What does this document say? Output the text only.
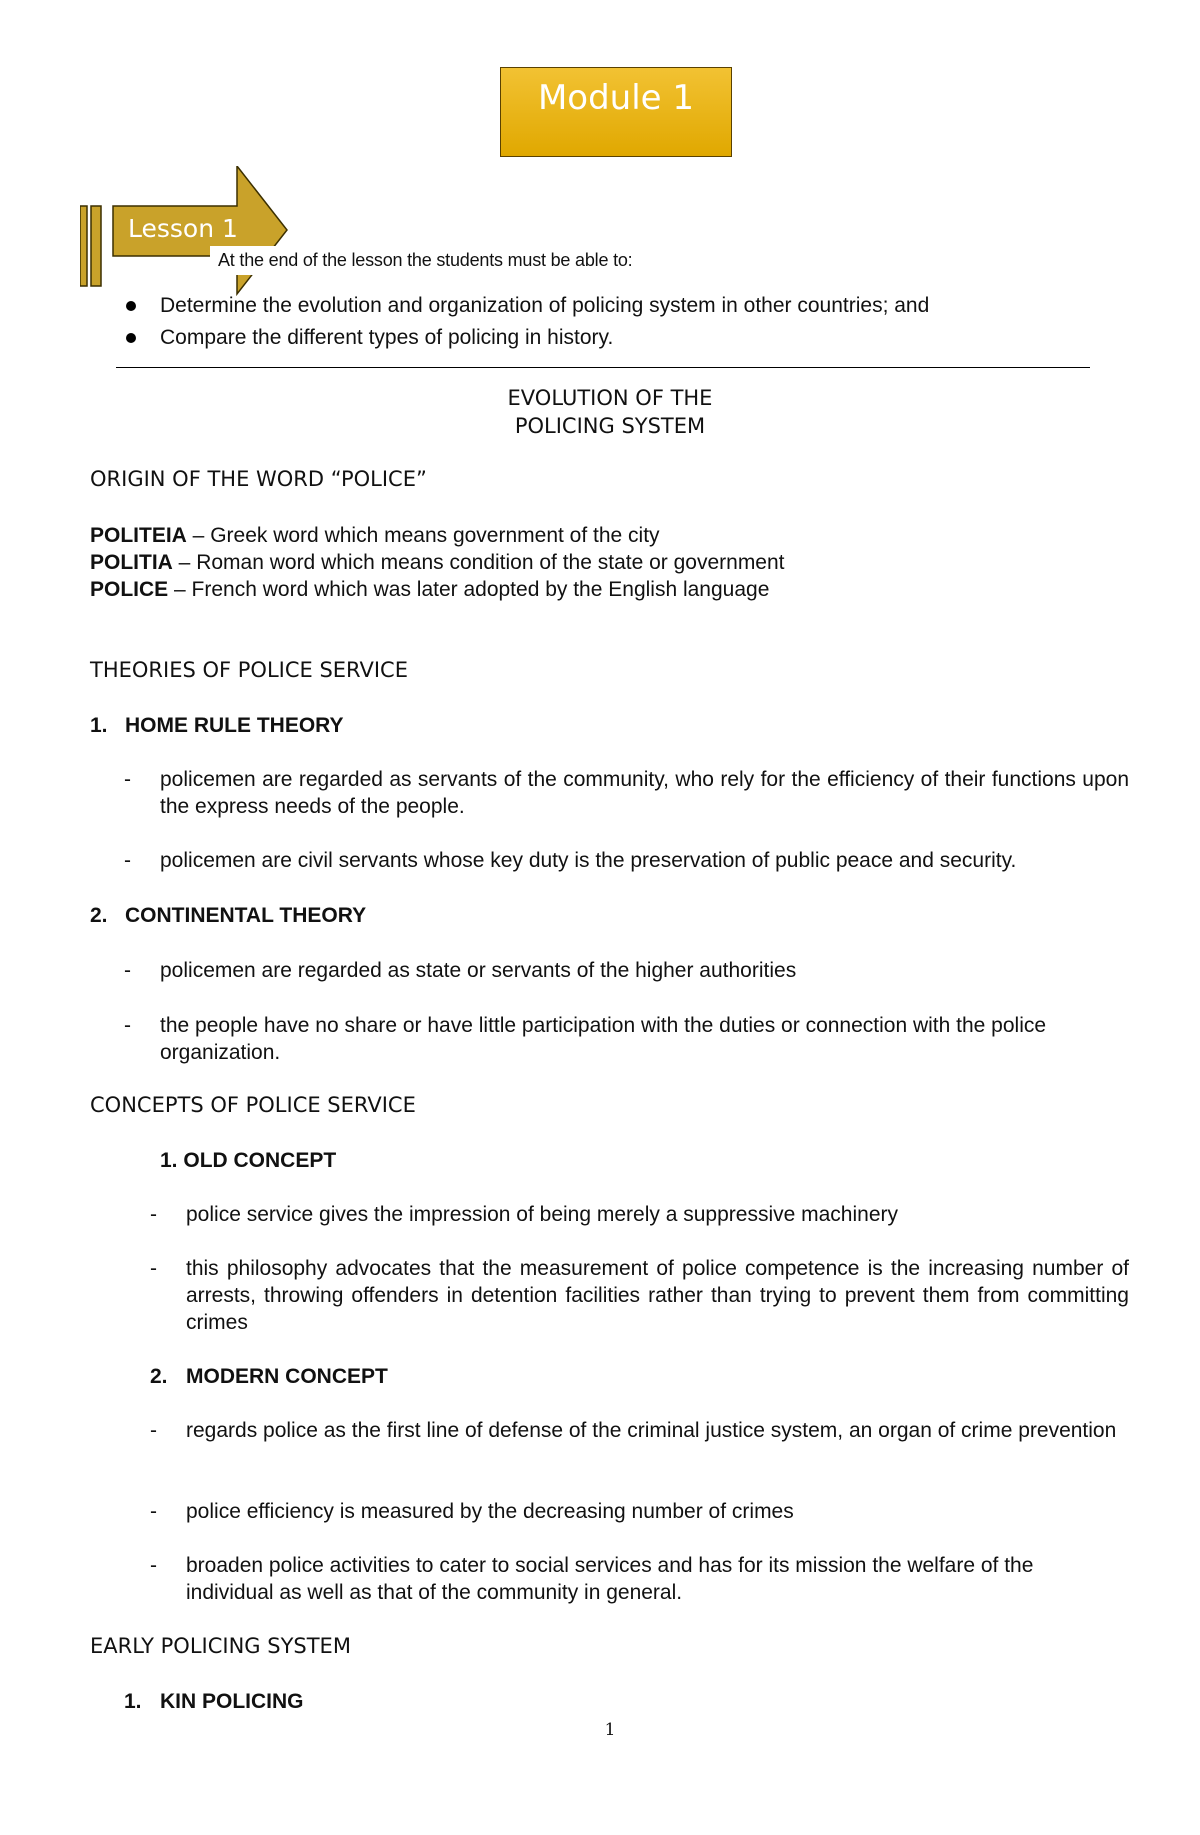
Module 1
Lesson 1
At the end of the lesson the students must be able to:
Determine the evolution and organization of policing system in other countries; and
Compare the different types of policing in history.
EVOLUTION OF THE
POLICING SYSTEM
ORIGIN OF THE WORD “POLICE”
POLITEIA – Greek word which means government of the city
POLITIA – Roman word which means condition of the state or government
POLICE – French word which was later adopted by the English language
THEORIES OF POLICE SERVICE
1. HOME RULE THEORY
- policemen are regarded as servants of the community, who rely for the efficiency of their functions upon the express needs of the people.
- policemen are civil servants whose key duty is the preservation of public peace and security.
2. CONTINENTAL THEORY
- policemen are regarded as state or servants of the higher authorities
- the people have no share or have little participation with the duties or connection with the police organization.
CONCEPTS OF POLICE SERVICE
1. OLD CONCEPT
- police service gives the impression of being merely a suppressive machinery
- this philosophy advocates that the measurement of police competence is the increasing number of arrests, throwing offenders in detention facilities rather than trying to prevent them from committing crimes
2. MODERN CONCEPT
- regards police as the first line of defense of the criminal justice system, an organ of crime prevention
- police efficiency is measured by the decreasing number of crimes
- broaden police activities to cater to social services and has for its mission the welfare of the individual as well as that of the community in general.
EARLY POLICING SYSTEM
1. KIN POLICING
1
